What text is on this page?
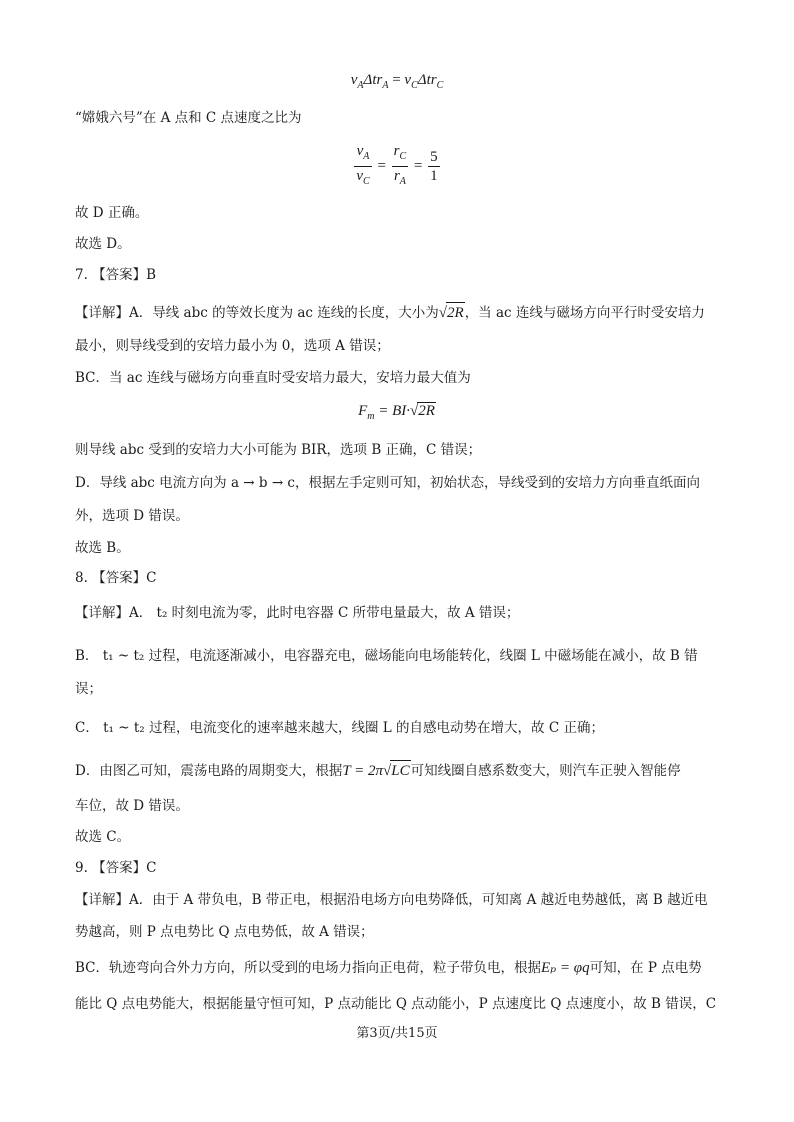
$v_A\Delta tr_A = v_C\Delta tr_C$
“嫦娥六号”在 A 点和 C 点速度之比为
$\frac{v_A}{v_C} = \frac{r_C}{r_A} = \frac{5}{1}$
故 D 正确。
故选 D。
7. 【答案】B
【详解】A．导线 abc 的等效长度为 ac 连线的长度，大小为√2R，当 ac 连线与磁场方向平行时受安培力
最小，则导线受到的安培力最小为 0，选项 A 错误；
BC．当 ac 连线与磁场方向垂直时受安培力最大，安培力最大值为
$F_m = BI\cdot√2R$
则导线 abc 受到的安培力大小可能为 BIR，选项 B 正确，C 错误；
D．导线 abc 电流方向为 a → b → c，根据左手定则可知，初始状态，导线受到的安培力方向垂直纸面向
外，选项 D 错误。
故选 B。
8. 【答案】C
【详解】A． t₂ 时刻电流为零，此时电容器 C 所带电量最大，故 A 错误；
B． t₁ ~ t₂ 过程，电流逐渐减小，电容器充电，磁场能向电场能转化，线圈 L 中磁场能在减小，故 B 错
误；
C． t₁ ~ t₂ 过程，电流变化的速率越来越大，线圈 L 的自感电动势在增大，故 C 正确；
D．由图乙可知，震荡电路的周期变大，根据T = 2π√LC可知线圈自感系数变大，则汽车正驶入智能停
车位，故 D 错误。
故选 C。
9. 【答案】C
【详解】A．由于 A 带负电，B 带正电，根据沿电场方向电势降低，可知离 A 越近电势越低，离 B 越近电
势越高，则 P 点电势比 Q 点电势低，故 A 错误；
BC．轨迹弯向合外力方向，所以受到的电场力指向正电荷，粒子带负电，根据Eₚ = φq可知，在 P 点电势
能比 Q 点电势能大，根据能量守恒可知，P 点动能比 Q 点动能小，P 点速度比 Q 点速度小，故 B 错误，C
第3页/共15页
